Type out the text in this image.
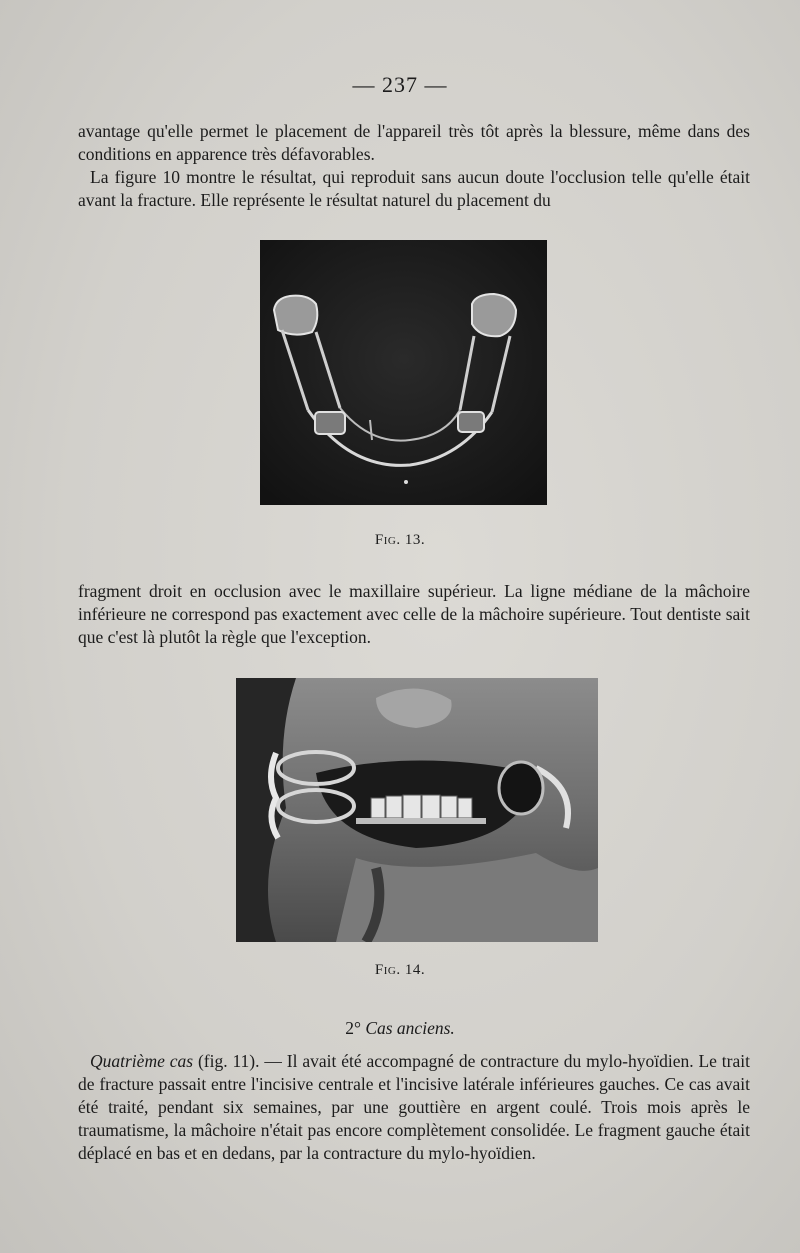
— 237 —

avantage qu'elle permet le placement de l'appareil très tôt après la blessure, même dans des conditions en apparence très défavorables.

La figure 10 montre le résultat, qui reproduit sans aucun doute l'occlusion telle qu'elle était avant la fracture. Elle représente le résultat naturel du placement du

Fig. 13.

fragment droit en occlusion avec le maxillaire supérieur. La ligne médiane de la mâchoire inférieure ne correspond pas exactement avec celle de la mâchoire supérieure. Tout dentiste sait que c'est là plutôt la règle que l'exception.

Fig. 14.
2° Cas anciens.

Quatrième cas (fig. 11). — Il avait été accompagné de contracture du mylo-hyoïdien. Le trait de fracture passait entre l'incisive centrale et l'incisive latérale inférieures gauches. Ce cas avait été traité, pendant six semaines, par une gouttière en argent coulé. Trois mois après le traumatisme, la mâchoire n'était pas encore complètement consolidée. Le fragment gauche était déplacé en bas et en dedans, par la contracture du mylo-hyoïdien.
